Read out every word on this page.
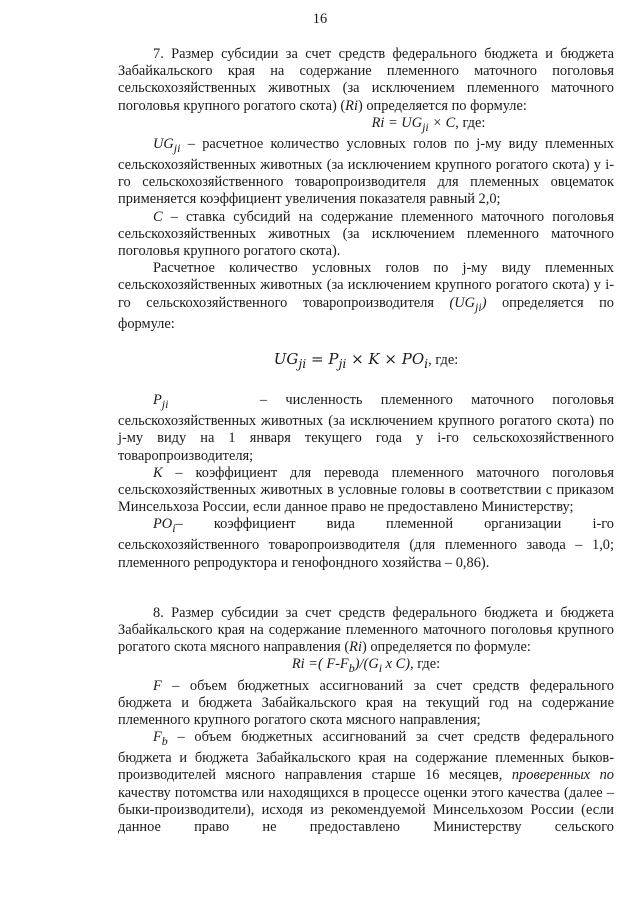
16

7. Размер субсидии за счет средств федерального бюджета и бюджета Забайкальского края на содержание племенного маточного поголовья сельскохозяйственных животных (за исключением племенного маточного поголовья крупного рогатого скота) (Ri) определяется по формуле:

$Ri = UG_{ji} \times C$, где:

$UG_{ji}$ – расчетное количество условных голов по j-му виду племенных сельскохозяйственных животных (за исключением крупного рогатого скота) у i-го сельскохозяйственного товаропроизводителя для племенных овцематок применяется коэффициент увеличения показателя равный 2,0;

C – ставка субсидий на содержание племенного маточного поголовья сельскохозяйственных животных (за исключением племенного маточного поголовья крупного рогатого скота).

Расчетное количество условных голов по j-му виду племенных сельскохозяйственных животных (за исключением крупного рогатого скота) у i-го сельскохозяйственного товаропроизводителя $(UG_{ji})$ определяется по формуле:

$UG_{ji} = P_{ji} \times K \times PO_i$, где:

$P_{ji}$	– численность племенного маточного поголовья

сельскохозяйственных животных (за исключением крупного рогатого скота) по j-му виду на 1 января текущего года у i-го сельскохозяйственного товаропроизводителя;

K – коэффициент для перевода племенного маточного поголовья сельскохозяйственных животных в условные головы в соответствии с приказом Минсельхоза России, если данное право не предоставлено Министерству;

$PO_i-$ коэффициент вида племенной организации i-го

сельскохозяйственного товаропроизводителя (для племенного завода – 1,0; племенного репродуктора и генофондного хозяйства – 0,86).

8. Размер субсидии за счет средств федерального бюджета и бюджета Забайкальского края на содержание племенного маточного поголовья крупного рогатого скота мясного направления (Ri) определяется по формуле:

Ri =( $F-F_b)/(G_i$ x C), где:

F – объем бюджетных ассигнований за счет средств федерального бюджета и бюджета Забайкальского края на текущий год на содержание племенного крупного рогатого скота мясного направления;

$F_b$ – объем бюджетных ассигнований за счет средств федерального бюджета и бюджета Забайкальского края на содержание племенных быков-производителей мясного направления старше 16 месяцев, проверенных по качеству потомства или находящихся в процессе оценки этого качества (далее – быки-производители), исходя из рекомендуемой Минсельхозом России (если данное право не предоставлено Министерству сельского
